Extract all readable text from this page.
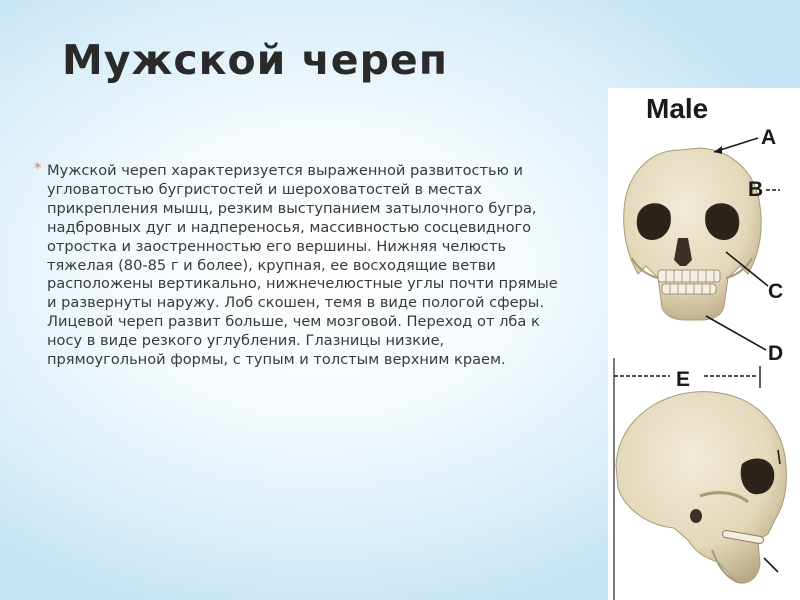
Мужской череп
* Мужской череп характеризуется выраженной развитостью и угловатостью бугристостей и шероховатостей в местах прикрепления мышц, резким выступанием затылочного бугра, надбровных дуг и надпереносья, массивностью сосцевидного отростка и заостренностью его вершины. Нижняя челюсть тяжелая (80-85 г и более), крупная, ее восходящие ветви расположены вертикально, нижнечелюстные углы почти прямые и развернуты наружу. Лоб скошен, темя в виде пологой сферы. Лицевой череп развит больше, чем мозговой. Переход от лба к носу в виде резкого углубления. Глазницы низкие, прямоугольной формы, с тупым и толстым верхним краем.
Male
A
B
C
D
E
